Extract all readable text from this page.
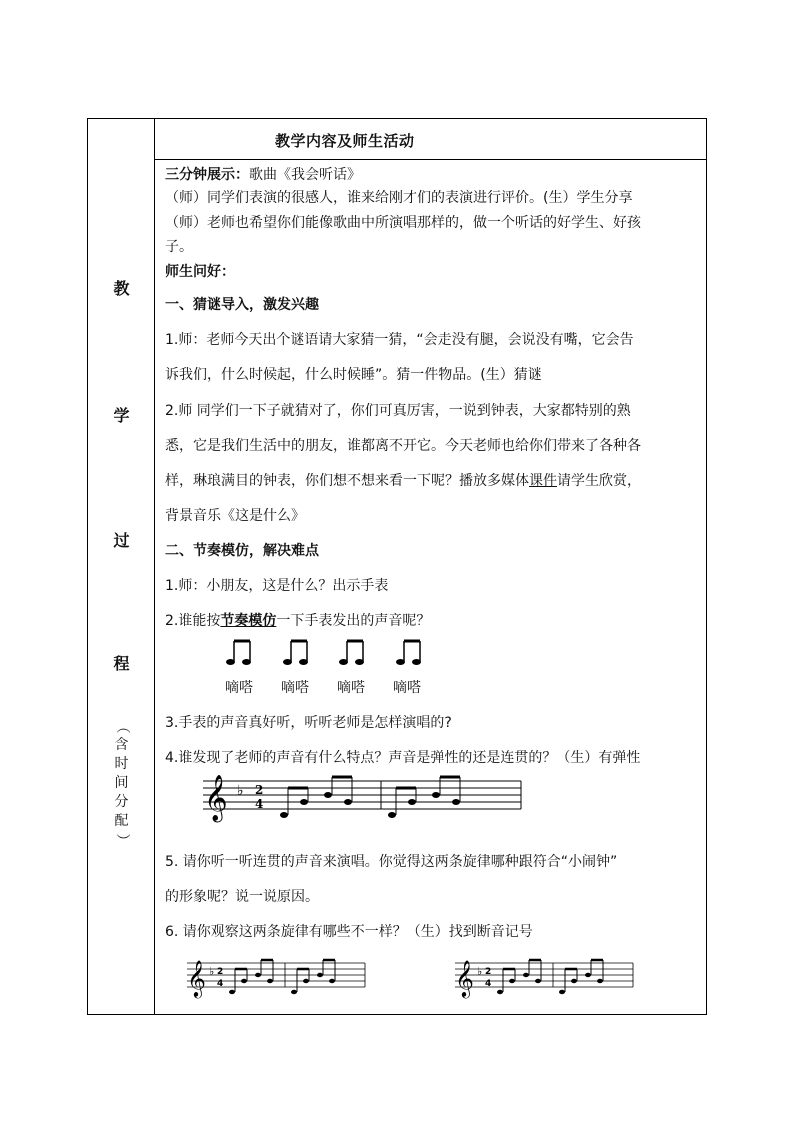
教
学
过
程
（
含
时
间
分
配
）
教学内容及师生活动
三分钟展示：歌曲《我会听话》
（师）同学们表演的很感人，谁来给刚才们的表演进行评价。(生）学生分享
（师）老师也希望你们能像歌曲中所演唱那样的，做一个听话的好学生、好孩
子。
师生问好：
一、猜谜导入，激发兴趣
1.师：老师今天出个谜语请大家猜一猜，“会走没有腿，会说没有嘴，它会告
诉我们，什么时候起，什么时候睡”。猜一件物品。(生）猜谜
2.师 同学们一下子就猜对了，你们可真厉害，一说到钟表，大家都特别的熟
悉，它是我们生活中的朋友，谁都离不开它。今天老师也给你们带来了各种各
样，琳琅满目的钟表，你们想不想来看一下呢？播放多媒体课件请学生欣赏，
背景音乐《这是什么》
二、节奏模仿，解决难点
1.师：小朋友，这是什么？出示手表
2.谁能按节奏模仿一下手表发出的声音呢？
嘀嗒 嘀嗒 嘀嗒 嘀嗒
3.手表的声音真好听，听听老师是怎样演唱的?
4.谁发现了老师的声音有什么特点？声音是弹性的还是连贯的？（生）有弹性
𝄞 ♭ 2
4
5. 请你听一听连贯的声音来演唱。你觉得这两条旋律哪种跟符合“小闹钟”
的形象呢？说一说原因。
6. 请你观察这两条旋律有哪些不一样？（生）找到断音记号
𝄞 ♭ 2
4	𝄞 ♭ 2
4
